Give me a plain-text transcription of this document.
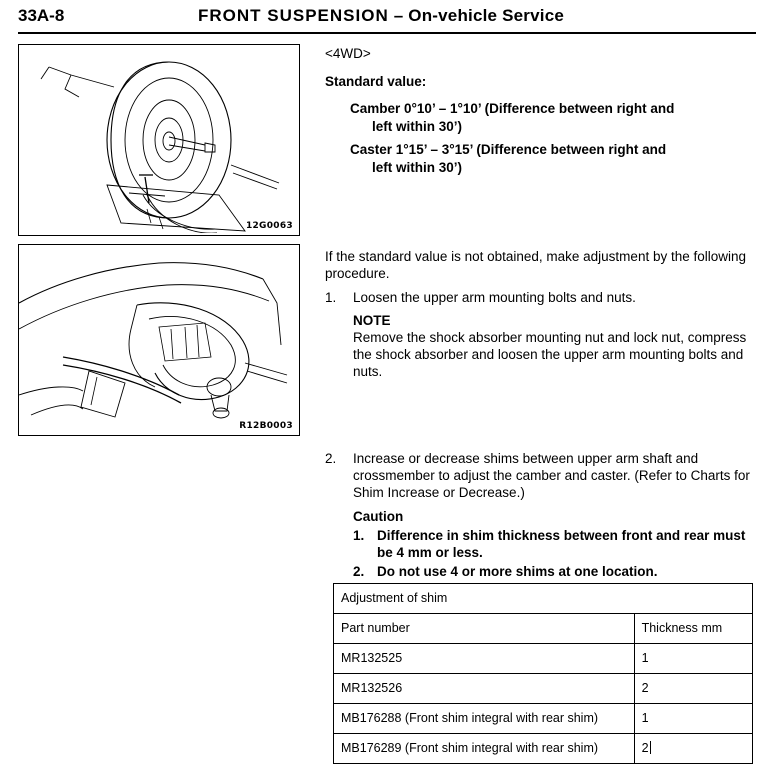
33A-8	FRONT SUSPENSION – On-vehicle Service
12G0063
R12B0003
<4WD>
Standard value:
Camber 0°10’ – 1°10’ (Difference between right and
left within 30’)
Caster 1°15’ – 3°15’ (Difference between right and
left within 30’)
If the standard value is not obtained, make adjustment by the following procedure.
1.	Loosen the upper arm mounting bolts and nuts.
NOTE
Remove the shock absorber mounting nut and lock nut, compress the shock absorber and loosen the upper arm mounting bolts and nuts.
2.	Increase or decrease shims between upper arm shaft and crossmember to adjust the camber and caster. (Refer to Charts for Shim Increase or Decrease.)
Caution
1. Difference in shim thickness between front and rear must be 4 mm or less.
2. Do not use 4 or more shims at one location.
Adjustment of shim	
Part number	Thickness mm
MR132525	1
MR132526	2
MB176288 (Front shim integral with rear shim)	1
MB176289 (Front shim integral with rear shim)	2
